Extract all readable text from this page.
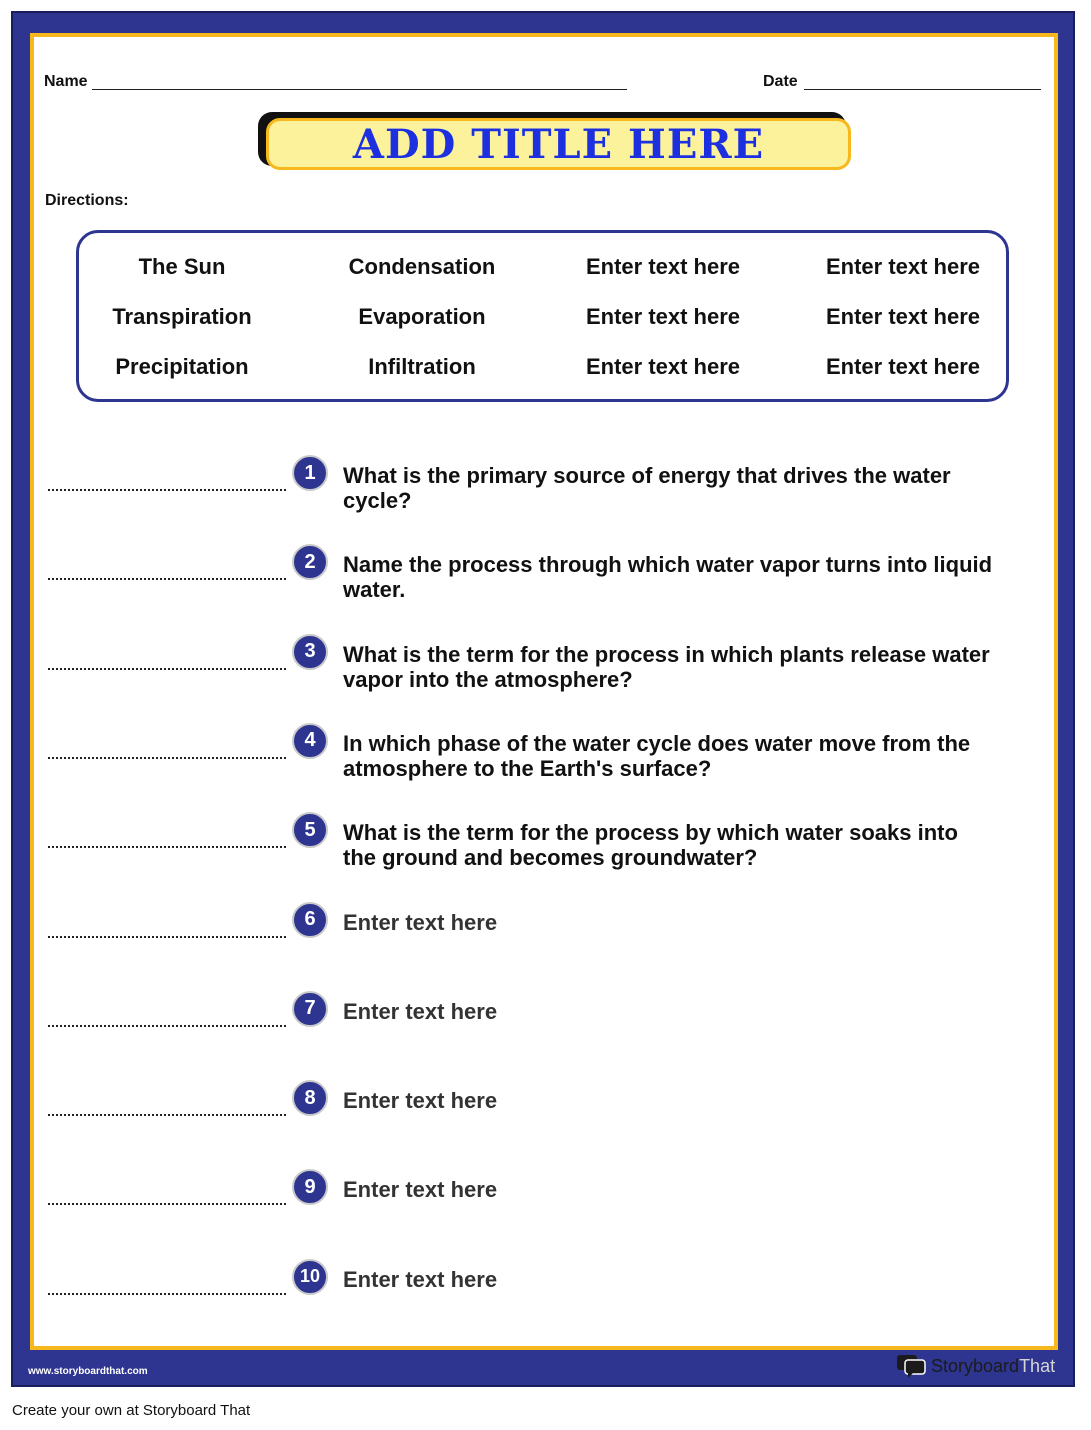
Name	Date
ADD TITLE HERE
Directions:
The Sun	Condensation	Enter text here	Enter text here
Transpiration	Evaporation	Enter text here	Enter text here
Precipitation	Infiltration	Enter text here	Enter text here
1	What is the primary source of energy that drives the water cycle?
2	Name the process through which water vapor turns into liquid water.
3	What is the term for the process in which plants release water vapor into the atmosphere?
4	In which phase of the water cycle does water move from the atmosphere to the Earth's surface?
5	What is the term for the process by which water soaks into the ground and becomes groundwater?
6	Enter text here
7	Enter text here
8	Enter text here
9	Enter text here
10	Enter text here
www.storyboardthat.com	StoryboardThat
Create your own at Storyboard That
